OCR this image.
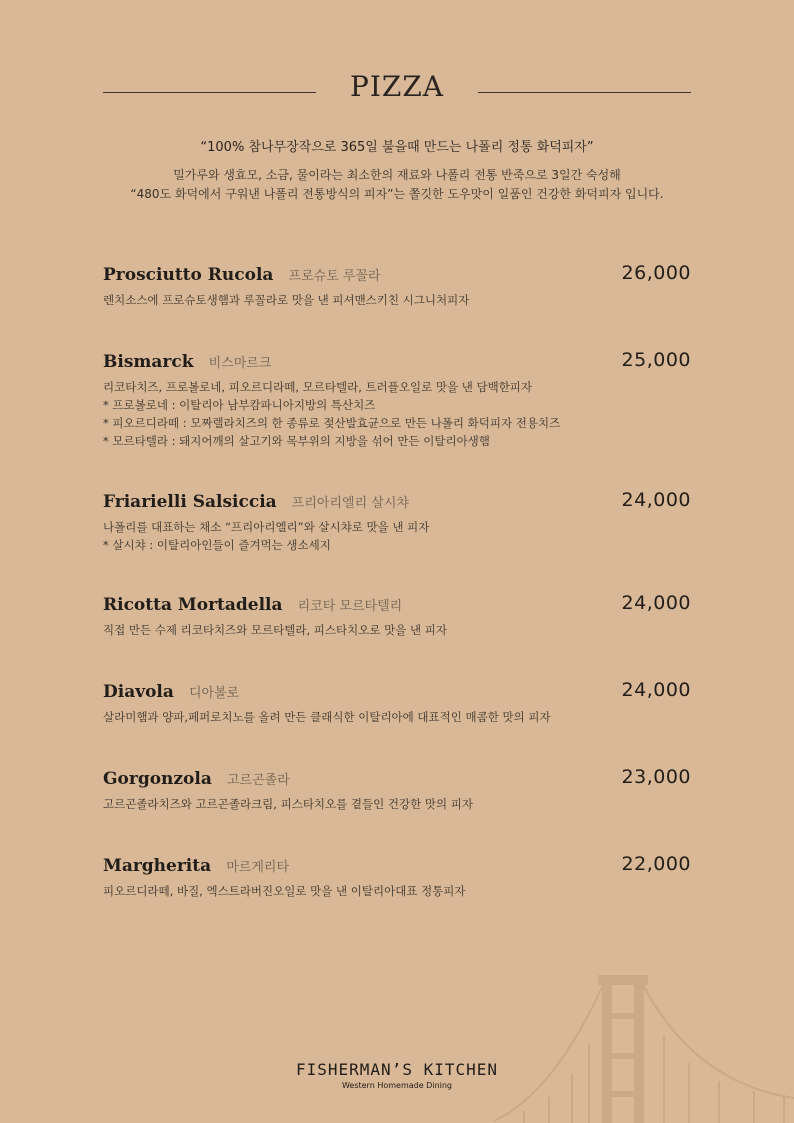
PIZZA
“100% 참나무장작으로 365일 불을때 만드는 나폴리 정통 화덕피자”
밀가루와 생효모, 소금, 물이라는 최소한의 재료와 나폴리 전통 반죽으로 3일간 숙성해
“480도 화덕에서 구워낸 나폴리 전통방식의 피자”는 쫄깃한 도우맛이 일품인 건강한 화덕피자 입니다.
Prosciutto Rucola 프로슈토 루꼴라	26,000
렌치소스에 프로슈토생햄과 루꼴라로 맛을 낸 피셔맨스키친 시그니처피자
Bismarck 비스마르크	25,000
리코타치즈, 프로볼로네, 피오르디라떼, 모르타텔라, 트러플오일로 맛을 낸 담백한피자
* 프로볼로네 : 이탈리아 남부캄파니아지방의 특산치즈
* 피오르디라떼 : 모짜렐라치즈의 한 종류로 젖산발효균으로 만든 나폴리 화덕피자 전용치즈
* 모르타텔라 : 돼지어깨의 살고기와 목부위의 지방을 섞어 만든 이탈리아생햄
Friarielli Salsiccia 프리아리엘리 살시챠	24,000
나폴리를 대표하는 채소 “프리아리엘리”와 살시챠로 맛을 낸 피자
* 살시챠 : 이탈리아인들이 즐겨먹는 생소세지
Ricotta Mortadella 리코타 모르타텔리	24,000
직접 만든 수제 리코타치즈와 모르타텔라, 피스타치오로 맛을 낸 피자
Diavola 디아볼로	24,000
살라미햄과 양파,페퍼로치노를 올려 만든 클래식한 이탈리아에 대표적인 매콤한 맛의 피자
Gorgonzola 고르곤졸라	23,000
고르곤졸라치즈와 고르곤졸라크림, 피스타치오를 곁들인 건강한 맛의 피자
Margherita 마르게리타	22,000
피오르디라떼, 바질, 엑스트라버진오일로 맛을 낸 이탈리아대표 정통피자
FISHERMAN’S KITCHEN
Western Homemade Dining
